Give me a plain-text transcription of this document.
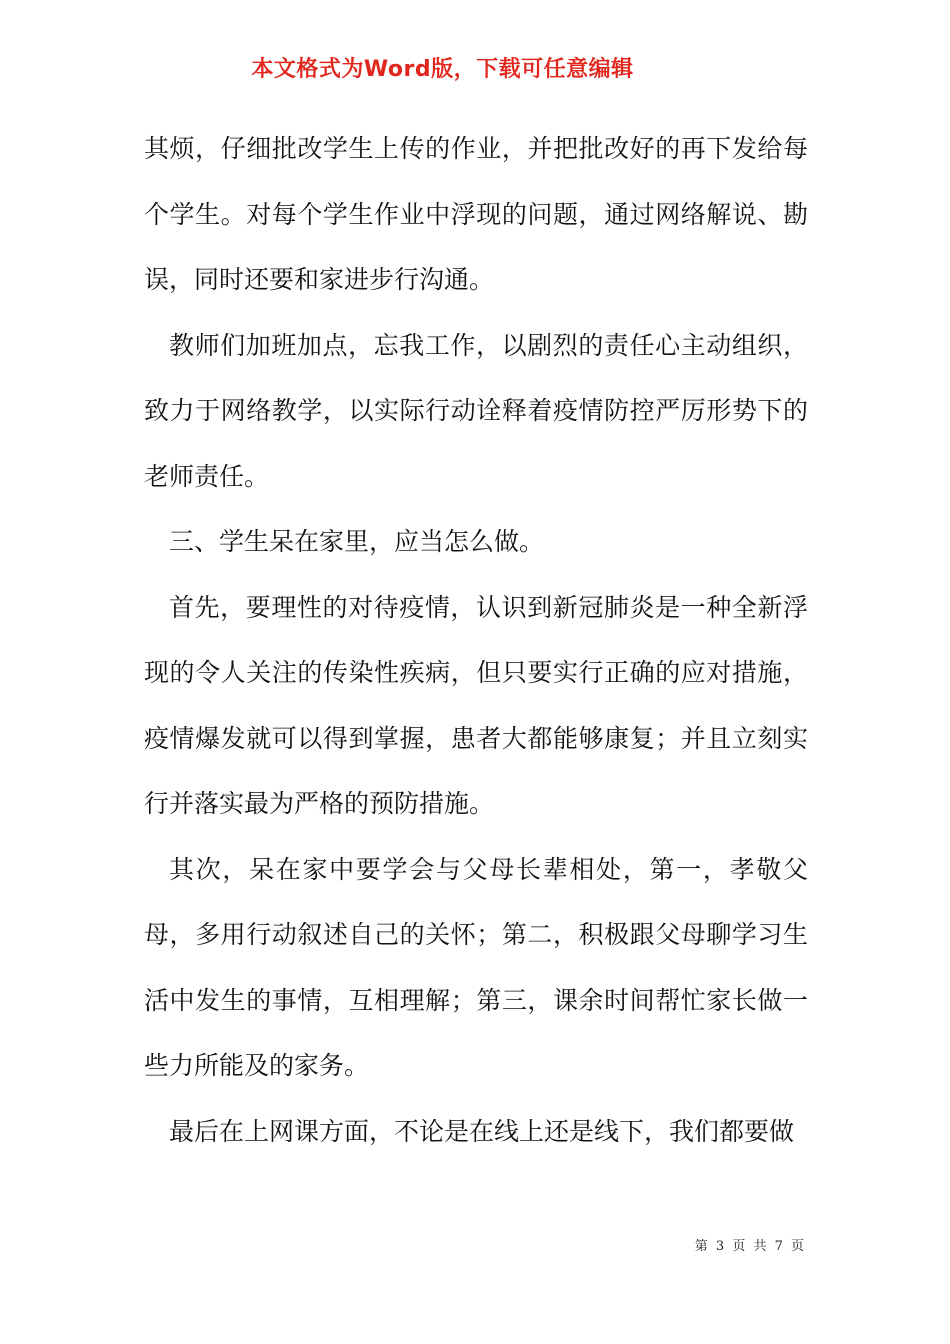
本文格式为Word版，下载可任意编辑

其烦，仔细批改学生上传的作业，并把批改好的再下发给每个学生。对每个学生作业中浮现的问题，通过网络解说、勘误，同时还要和家进步行沟通。

教师们加班加点，忘我工作，以剧烈的责任心主动组织，致力于网络教学，以实际行动诠释着疫情防控严厉形势下的老师责任。

三、学生呆在家里，应当怎么做。

首先，要理性的对待疫情，认识到新冠肺炎是一种全新浮现的令人关注的传染性疾病，但只要实行正确的应对措施，疫情爆发就可以得到掌握，患者大都能够康复；并且立刻实行并落实最为严格的预防措施。

其次，呆在家中要学会与父母长辈相处，第一，孝敬父母，多用行动叙述自己的关怀；第二，积极跟父母聊学习生活中发生的事情，互相理解；第三，课余时间帮忙家长做一些力所能及的家务。

最后在上网课方面，不论是在线上还是线下，我们都要做

第 3 页 共 7 页
